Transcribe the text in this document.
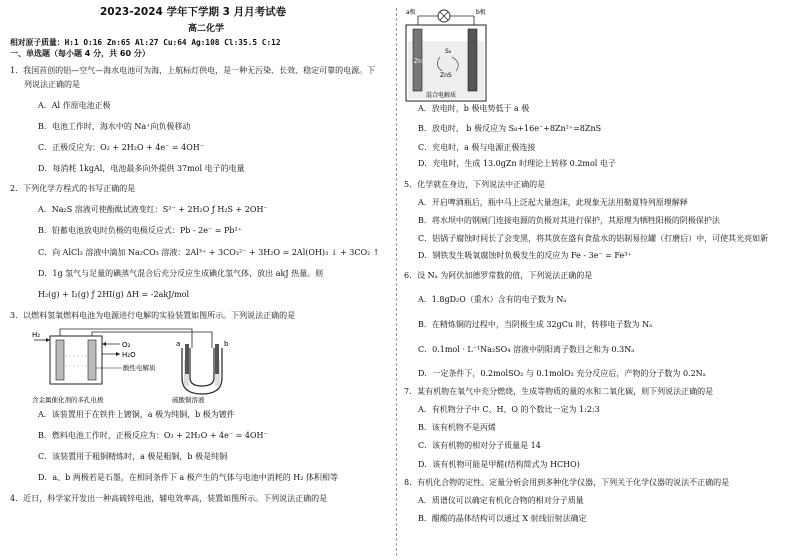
2023-2024 学年下学期 3 月月考试卷
高二化学
相对原子质量：H:1 O:16 Zn:65 Al:27 Cu:64 Ag:108 Cl:35.5 C:12
一、单选题（每小题 4 分，共 60 分）
1．我国首创的铝—空气—海水电池可为海，上航标灯供电，是一种无污染、长效、稳定可靠的电源。下
列说法正确的是
A．Al 作原电池正极
B．电池工作时，海水中的 Na⁺向负极移动
C．正极反应为：O₂ + 2H₂O + 4e⁻ = 4OH⁻
D．每消耗 1kgAl，电池最多向外提供 37mol 电子的电量
2．下列化学方程式的书写正确的是
A．Na₂S 溶液可使酚酞试液变红：S²⁻ + 2H₂O ƒ H₂S + 2OH⁻
B．铅蓄电池放电时负极的电极反应式：Pb - 2e⁻ = Pb²⁺
C．向 AlCl₃ 溶液中滴加 Na₂CO₃ 溶液：2Al³⁺ + 3CO₃²⁻ + 3H₂O = 2Al(OH)₃ ↓ + 3CO₂ ↑
D．1g 氢气与足量的碘蒸气混合后充分反应生成碘化氢气体，放出 akJ 热量。则
H₂(g) + I₂(g) ƒ 2HI(g) ΔH = -2akJ/mol
3．以燃料氢氧燃料电池为电源进行电解的实验装置如图所示。下列说法正确的是
H₂
O₂
H₂O
酸性电解质
a	b
含金属催化剂的多孔电极	硫酸铜溶液
A．该装置用于在铁件上镀铜，a 极为纯铜，b 极为镀件
B．燃料电池工作时，正极反应为：O₂ + 2H₂O + 4e⁻ = 4OH⁻
C．该装置用于粗铜精炼时，a 极是粗铜，b 极是纯铜
D．a、b 两极若是石墨，在相同条件下 a 极产生的气体与电池中消耗的 H₂ 体积相等
4．近日，科学家开发出一种高硫锌电池，辅电效率高，装置如图所示。下列说法正确的是
a极	b极
Zn
S₈
ZnS
混合电解质
A．放电时，b 极电势低于 a 极
B．放电时， b 极反应为 S₈+16e⁻+8Zn²⁺=8ZnS
C．充电时，a 极与电源正极连接
D．充电时，生成 13.0gZn 时理论上转移 0.2mol 电子
5．化学就在身边，下列说法中正确的是
A．开启啤酒瓶后，瓶中马上泛起大量泡沫，此现象无法用勒夏特列原理解释
B．将水坝中的钢闸门连接电源的负极对其进行保护，其原理为牺牲阳极的阴极保护法
C．铝锅子腐蚀时间长了会变黑，将其放在盛有食盐水的铝制易拉罐（打磨后）中，可使其光亮如新
D．钢铁发生吸氧腐蚀时负极发生的反应为 Fe - 3e⁻ = Fe³⁺
6．设 Nₐ 为阿伏加德罗常数的值，下列说法正确的是
A．1.8gD₂O（重水）含有的电子数为 Nₐ
B．在精炼铜的过程中，当阴极生成 32gCu 时，转移电子数为 Nₐ
C．0.1mol · L⁻¹Na₂SO₄ 溶液中阴阳离子数目之和为 0.3Nₐ
D．一定条件下，0.2molSO₂ 与 0.1molO₂ 充分反应后，产物的分子数为 0.2Nₐ
7．某有机物在氧气中充分燃烧，生成等物质的量的水和二氧化碳，则下列说法正确的是
A．有机物分子中 C、H、O 的个数比一定为 1:2:3
B．该有机物不是丙烯
C．该有机物的相对分子质量是 14
D．该有机物可能是甲醛(结构简式为 HCHO)
8．有机化合物的定性、定量分析会用到多种化学仪器，下列关于化学仪器的说法不正确的是
A．质谱仪可以确定有机化合物的相对分子质量
B．醋酸的晶体结构可以通过 X 射线衍射法确定
